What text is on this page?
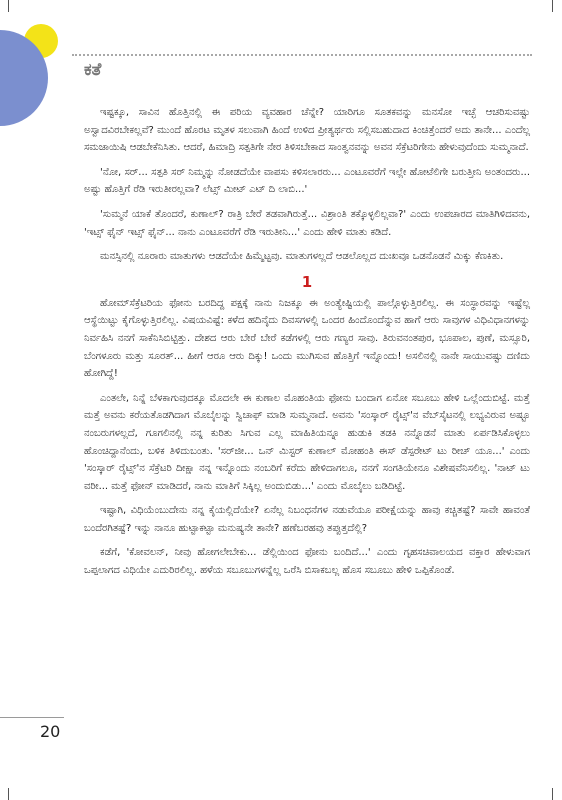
ಕತೆ

ಇಷ್ಟಕ್ಕೂ, ಸಾವಿನ ಹೊತ್ತಿನಲ್ಲಿ ಈ ಪರಿಯ ವ್ಯವಹಾರ ಚೆನ್ನೇ? ಯಾರಿಗೂ ಸೂತಕವನ್ನು ಮನಸೋ ಇಚ್ಛೆ ಆಚರಿಸುವಷ್ಟು ಅಸ್ವಾದವಿರಬೇಕಲ್ಲವೆ? ಮುಂದೆ ಹೊರಟ ಮೃತಳ ಸಲುವಾಗಿ ಹಿಂದೆ ಉಳಿದ ಪ್ರೀತ್ಯರ್ಥರು ಸಲ್ಲಿಸಬಹುದಾದ ಕಿಂಚಿತ್ತೆಂದರೆ ಅದು ತಾನೇ... ಎಂದೆಲ್ಲ ಸಮಜಾಯಿಷಿ ಆಡಬೇಕೆನಿಸಿತು. ಆದರೆ, ಹಿಮಾದ್ರಿ ಸತ್ಪತಿಗೇ ನೇರ ತಿಳಿಸಬೇಕಾದ ಸಾಂತ್ವನವನ್ನು ಅವನ ಸೆಕ್ರೆಟರಿಗೇನು ಹೇಳುವುದೆಂದು ಸುಮ್ಮನಾದೆ.

'ನೋ, ಸರ್... ಸತ್ಪತಿ ಸರ್ ನಿಮ್ಮನ್ನು ನೋಡದೆಯೇ ವಾಪಸು ಕಳಿಸಲಾರರು... ಎಂಟೂವರೆಗೆ ಇಲ್ಲೇ ಹೋಟೆಲಿಗೇ ಬರುತ್ತೀನಿ ಅಂತಂದರು... ಅಷ್ಟು ಹೊತ್ತಿಗೆ ರೆಡಿ ಇರುತೀರಲ್ಲವಾ? ಲೆಟ್ಸ್ ಮೀಟ್ ಎಟ್ ದಿ ಲಾಬಿ...'

'ಸುಮ್ಮನೆ ಯಾಕೆ ತೊಂದರೆ, ಕುಣಾಲ್? ರಾತ್ರಿ ಬೇರೆ ತಡವಾಗಿರುತ್ತೆ... ವಿಶ್ರಾಂತಿ ತಕ್ಕೊಳ್ಳಲಿಲ್ಲವಾ?' ಎಂದು ಉಪಚಾರದ ಮಾತಿಗಿಳಿದವನು, 'ಇಟ್ಸ್ ಫೈನ್ ಇಟ್ಸ್ ಫೈನ್... ನಾನು ಎಂಟೂವರೆಗೆ ರೆಡಿ ಇರುತೀನಿ...' ಎಂದು ಹೇಳಿ ಮಾತು ಕಡಿದೆ.

ಮನಸ್ಸಿನಲ್ಲಿ ನೂರಾರು ಮಾತುಗಳು ಆಡದೆಯೇ ಹಿಮ್ಮೆಟ್ಟವು. ಮಾತುಗಳಲ್ಲದೆ ಆಡಲೊಲ್ಲದ ದುಃಖವೂ ಒಡನೊಡನೆ ಮಿಕ್ಕು ಕೆಣಕಿತು.

1

ಹೋಮ್‌ಸೆಕ್ರೆಟರಿಯ ಫೋನು ಬರದಿದ್ದ ಪಕ್ಷಕ್ಕೆ ನಾನು ನಿಜಕ್ಕೂ ಈ ಅಂತ್ಯೇಷ್ಟಿಯಲ್ಲಿ ಪಾಲ್ಗೊಳ್ಳುತ್ತಿರಲಿಲ್ಲ. ಈ ಸಂಸ್ಥಾರವನ್ನು ಇಷ್ಟೆಲ್ಲ ಆಸ್ಥೆಯಿಟ್ಟು ಕೈಗೊಳ್ಳುತ್ತಿರಲಿಲ್ಲ. ವಿಷಯವಿಷ್ಟೆ: ಕಳೆದ ಹದಿನೈದು ದಿವಸಗಳಲ್ಲಿ ಒಂದರ ಹಿಂದೊಂದೆನ್ನುವ ಹಾಗೆ ಆರು ಸಾವುಗಳ ವಿಧಿವಿಧಾನಗಳನ್ನು ನಿರ್ವಹಿಸಿ ನನಗೆ ಸಾಕೆನಿಸಿಬಿಟ್ಟಿತ್ತು. ದೇಶದ ಆರು ಬೇರೆ ಬೇರೆ ಕಡೆಗಳಲ್ಲಿ ಆರು ಗಣ್ಯರ ಸಾವು. ತಿರುವನಂತಪುರ, ಭೂಪಾಲ, ಪುಣೆ, ಮಸ್ಸೂರಿ, ಬೆಂಗಳೂರು ಮತ್ತು ಸೂರತ್... ಹೀಗೆ ಆರೂ ಆರು ದಿಕ್ಕು! ಒಂದು ಮುಗಿಸುವ ಹೊತ್ತಿಗೆ ಇನ್ನೊಂದು! ಅಸಲಿನಲ್ಲಿ ನಾನೇ ಸಾಯುವಷ್ಟು ದಣಿದು ಹೋಗಿದ್ದೆ!

ಎಂತಲೇ, ನಿನ್ನೆ ಬೆಳಕಾಗುವುದಕ್ಕೂ ಮೊದಲೇ ಈ ಕುಣಾಲ ಮೊಹಂತಿಯ ಫೋನು ಬಂದಾಗ ಏನೋ ಸಬೂಬು ಹೇಳಿ ಒಲ್ಲೆಂದುಬಿಟ್ಟೆ. ಮತ್ತೆ ಮತ್ತೆ ಅವನು ಕರೆಯತೊಡಗಿದಾಗ ಮೊಬೈಲನ್ನು ಸ್ವಿಚಾಫ್ ಮಾಡಿ ಸುಮ್ಮನಾದೆ. ಅವನು 'ಸಂಸ್ಕಾರ್ ರೈಟ್ಸ್'ನ ವೆಬ್‌ಸೈಟನಲ್ಲಿ ಲಭ್ಯವಿರುವ ಅಷ್ಟೂ ನಂಬರುಗಳಲ್ಲದೆ, ಗೂಗಲಿನಲ್ಲಿ ನನ್ನ ಕುರಿತು ಸಿಗುವ ಎಲ್ಲ ಮಾಹಿತಿಯನ್ನೂ ಹುಡುಕಿ ತಡಕಿ ನನ್ನೊಡನೆ ಮಾತು ಏರ್ಪಡಿಸಿಕೊಳ್ಳಲು ಹೊಂಚಿದ್ದಾನೆಂದು, ಬಳಿಕ ತಿಳಿದುಬಂತು. 'ಸರ್‌ಜೀ... ಒನ್ ಮಿಸ್ಟರ್ ಕುಣಾಲ್ ಮೋಹಂತಿ ಈಸ್ ಡೆಸ್ಪರೇಟ್ ಟು ರೀಚ್ ಯೂ...' ಎಂದು 'ಸಂಸ್ಕಾರ್ ರೈಟ್ಸ್'ನ ಸೆಕ್ರೆಟರಿ ದೀಕ್ಷಾ ನನ್ನ ಇನ್ನೊಂದು ನಂಬರಿಗೆ ಕರೆದು ಹೇಳಿದಾಗಲೂ, ನನಗೆ ಸಂಗತಿಯೇನೂ ವಿಶೇಷವೆನಿಸಲಿಲ್ಲ. 'ನಾಟ್ ಟು ವರೀ... ಮತ್ತೆ ಫೋನ್ ಮಾಡಿದರೆ, ನಾನು ಮಾತಿಗೆ ಸಿಕ್ಕಿಲ್ಲ ಅಂದುಬಿಡು...' ಎಂದು ಮೊಬೈಲು ಬಡಿದಿಟ್ಟೆ.

ಇಷ್ಟಾಗಿ, ವಿಧಿಯೆಂಬುದೇನು ನನ್ನ ಕೈಯಲ್ಲಿದೆಯೇ? ಏನೆಲ್ಲ ನಿಬಂಧನೆಗಳ ನಡುವೆಯೂ ಪರೀಕ್ಷೆಯನ್ನು ಹಾವು ಕಚ್ಚಿತಷ್ಟೆ? ಸಾವೇ ಹಾವಂತೆ ಬಂದೆರಗಿತಷ್ಟೆ? ಇನ್ನು ನಾನೂ ಹುಟ್ಟಾಕಟ್ಟಾ ಮನುಷ್ಯನೇ ತಾನೇ? ಹಣೆಬರಹವು ತಪ್ಪುತ್ತದೆಲ್ಲಿ?

ಕಡೆಗೆ, 'ಕೋವಲನ್, ನೀವು ಹೋಗಲೇಬೇಕು... ಡೆಲ್ಲಿಯಿಂದ ಫೋನು ಬಂದಿದೆ...' ಎಂದು ಗೃಹಸಚಿವಾಲಯದ ವಕ್ತಾರ ಹೇಳುವಾಗ ಒಪ್ಪಲಾಗದ ವಿಧಿಯೇ ಎದುರಿರಲಿಲ್ಲ. ಹಳೆಯ ಸಬೂಬುಗಳನ್ನೆಲ್ಲ ಒರೆಸಿ ಬಿಸಾಕಬಲ್ಲ ಹೊಸ ಸಬೂಬು ಹೇಳಿ ಒಪ್ಪಿಕೊಂಡೆ.

20
